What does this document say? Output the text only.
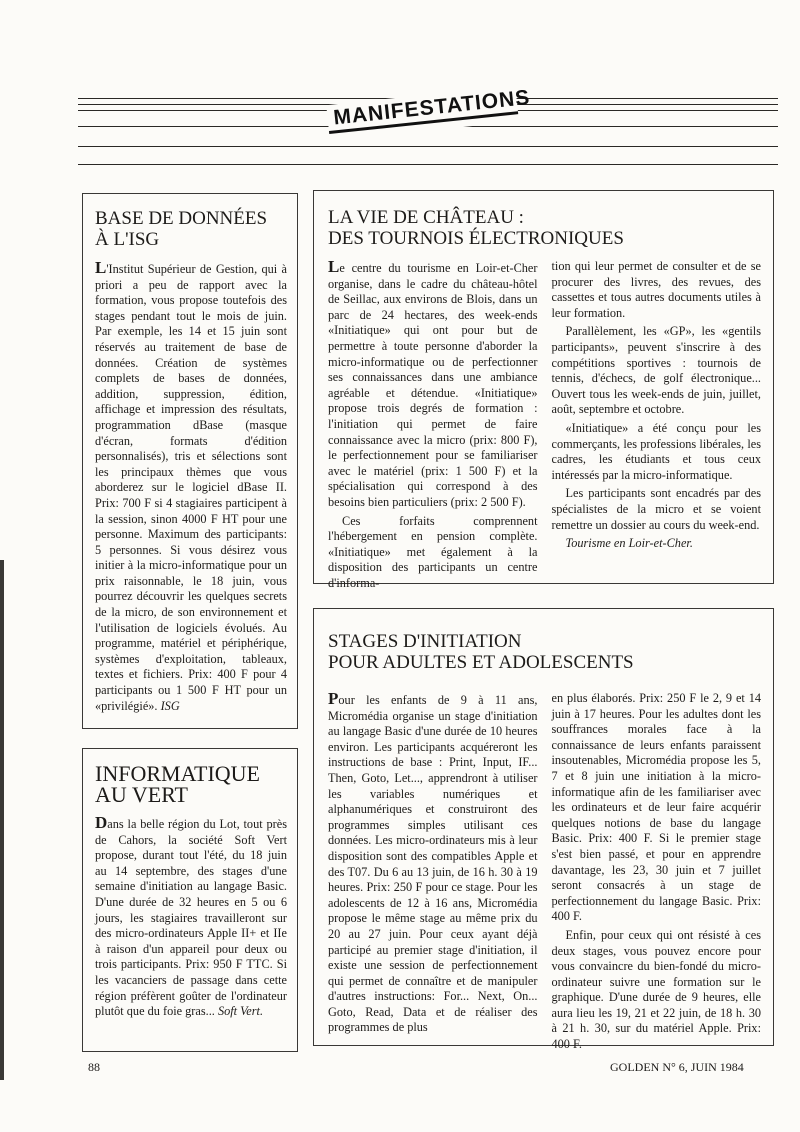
MANIFESTATIONS
BASE DE DONNÉES
À L'ISG

L'Institut Supérieur de Gestion, qui à priori a peu de rapport avec la formation, vous propose toutefois des stages pendant tout le mois de juin. Par exemple, les 14 et 15 juin sont réservés au traitement de base de données. Création de systèmes complets de bases de données, addition, suppression, édition, affichage et impression des résultats, programmation dBase (masque d'écran, formats d'édition personnalisés), tris et sélections sont les principaux thèmes que vous aborderez sur le logiciel dBase II. Prix: 700 F si 4 stagiaires participent à la session, sinon 4000 F HT pour une personne. Maximum des participants: 5 personnes. Si vous désirez vous initier à la micro-informatique pour un prix raisonnable, le 18 juin, vous pourrez découvrir les quelques secrets de la micro, de son environnement et l'utilisation de logiciels évolués. Au programme, matériel et périphérique, systèmes d'exploitation, tableaux, textes et fichiers. Prix: 400 F pour 4 participants ou 1 500 F HT pour un «privilégié». ISG

INFORMATIQUE
AU VERT

Dans la belle région du Lot, tout près de Cahors, la société Soft Vert propose, durant tout l'été, du 18 juin au 14 septembre, des stages d'une semaine d'initiation au langage Basic. D'une durée de 32 heures en 5 ou 6 jours, les stagiaires travailleront sur des micro-ordinateurs Apple II+ et IIe à raison d'un appareil pour deux ou trois participants. Prix: 950 F TTC. Si les vacanciers de passage dans cette région préfèrent goûter de l'ordinateur plutôt que du foie gras... Soft Vert.

LA VIE DE CHÂTEAU :
DES TOURNOIS ÉLECTRONIQUES

Le centre du tourisme en Loir-et-Cher organise, dans le cadre du château-hôtel de Seillac, aux environs de Blois, dans un parc de 24 hectares, des week-ends «Initiatique» qui ont pour but de permettre à toute personne d'aborder la micro-informatique ou de perfectionner ses connaissances dans une ambiance agréable et détendue. «Initiatique» propose trois degrés de formation : l'initiation qui permet de faire connaissance avec la micro (prix: 800 F), le perfectionnement pour se familiariser avec le matériel (prix: 1 500 F) et la spécialisation qui correspond à des besoins bien particuliers (prix: 2 500 F).

Ces forfaits comprennent l'hébergement en pension complète. «Initiatique» met également à la disposition des participants un centre d'informa-

tion qui leur permet de consulter et de se procurer des livres, des revues, des cassettes et tous autres documents utiles à leur formation.

Parallèlement, les «GP», les «gentils participants», peuvent s'inscrire à des compétitions sportives : tournois de tennis, d'échecs, de golf électronique... Ouvert tous les week-ends de juin, juillet, août, septembre et octobre.

«Initiatique» a été conçu pour les commerçants, les professions libérales, les cadres, les étudiants et tous ceux intéressés par la micro-informatique.

Les participants sont encadrés par des spécialistes de la micro et se voient remettre un dossier au cours du week-end.

Tourisme en Loir-et-Cher.

STAGES D'INITIATION
POUR ADULTES ET ADOLESCENTS

Pour les enfants de 9 à 11 ans, Micromédia organise un stage d'initiation au langage Basic d'une durée de 10 heures environ. Les participants acquéreront les instructions de base : Print, Input, IF... Then, Goto, Let..., apprendront à utiliser les variables numériques et alphanumériques et construiront des programmes simples utilisant ces données. Les micro-ordinateurs mis à leur disposition sont des compatibles Apple et des T07. Du 6 au 13 juin, de 16 h. 30 à 19 heures. Prix: 250 F pour ce stage. Pour les adolescents de 12 à 16 ans, Micromédia propose le même stage au même prix du 20 au 27 juin. Pour ceux ayant déjà participé au premier stage d'initiation, il existe une session de perfectionnement qui permet de connaître et de manipuler d'autres instructions: For... Next, On... Goto, Read, Data et de réaliser des programmes de plus

en plus élaborés. Prix: 250 F le 2, 9 et 14 juin à 17 heures. Pour les adultes dont les souffrances morales face à la connaissance de leurs enfants paraissent insoutenables, Micromédia propose les 5, 7 et 8 juin une initiation à la micro-informatique afin de les familiariser avec les ordinateurs et de leur faire acquérir quelques notions de base du langage Basic. Prix: 400 F. Si le premier stage s'est bien passé, et pour en apprendre davantage, les 23, 30 juin et 7 juillet seront consacrés à un stage de perfectionnement du langage Basic. Prix: 400 F.

Enfin, pour ceux qui ont résisté à ces deux stages, vous pouvez encore pour vous convaincre du bien-fondé du micro-ordinateur suivre une formation sur le graphique. D'une durée de 9 heures, elle aura lieu les 19, 21 et 22 juin, de 18 h. 30 à 21 h. 30, sur du matériel Apple. Prix: 400 F.

88	GOLDEN N° 6, JUIN 1984
